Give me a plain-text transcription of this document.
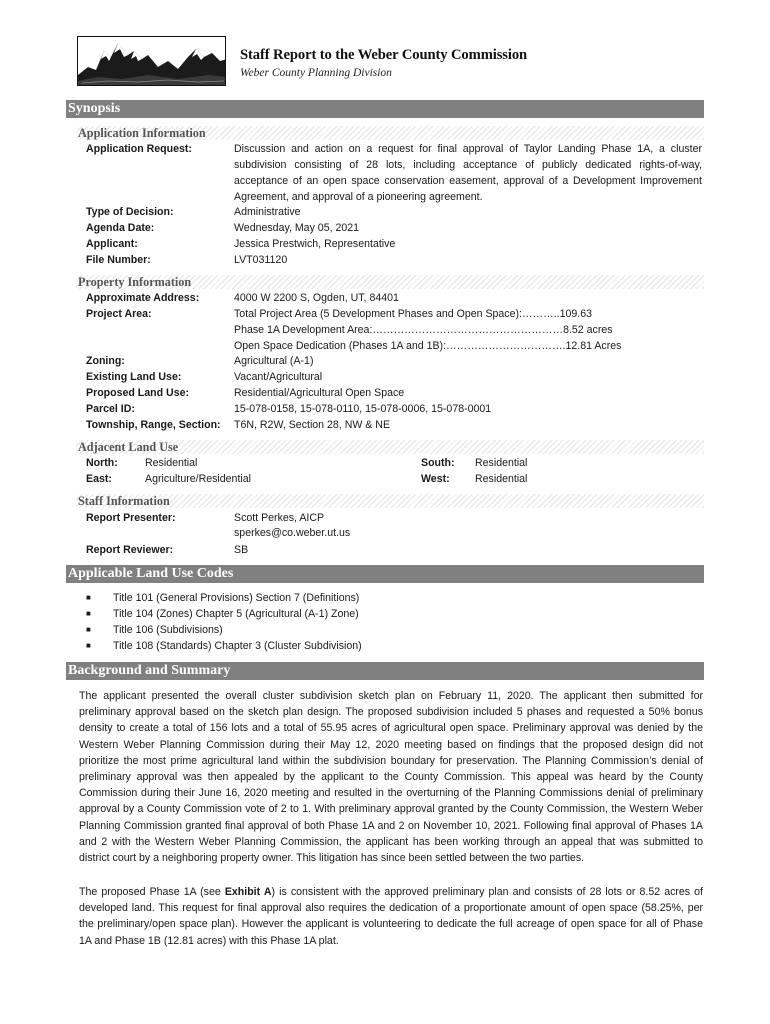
Staff Report to the Weber County Commission
Weber County Planning Division
Synopsis
Application Information
Application Request:	Discussion and action on a request for final approval of Taylor Landing Phase 1A, a cluster subdivision consisting of 28 lots, including acceptance of publicly dedicated rights-of-way, acceptance of an open space conservation easement, approval of a Development Improvement Agreement, and approval of a pioneering agreement.
Type of Decision:	Administrative
Agenda Date:	Wednesday, May 05, 2021
Applicant:	Jessica Prestwich, Representative
File Number:	LVT031120
Property Information
Approximate Address:	4000 W 2200 S, Ogden, UT, 84401
Project Area:	Total Project Area (5 Development Phases and Open Space):………..109.63
Phase 1A Development Area:………………………………………………8.52 acres
Open Space Dedication (Phases 1A and 1B):…………………………….12.81 Acres
Zoning:	Agricultural (A-1)
Existing Land Use:	Vacant/Agricultural
Proposed Land Use:	Residential/Agricultural Open Space
Parcel ID:	15-078-0158, 15-078-0110, 15-078-0006, 15-078-0001
Township, Range, Section: T6N, R2W, Section 28, NW & NE
Adjacent Land Use
North:	Residential	South: Residential
East:	Agriculture/Residential	West: Residential
Staff Information
Report Presenter:	Scott Perkes, AICP
sperkes@co.weber.ut.us
Report Reviewer:	SB
Applicable Land Use Codes
■	Title 101 (General Provisions) Section 7 (Definitions)
■	Title 104 (Zones) Chapter 5 (Agricultural (A-1) Zone)
■	Title 106 (Subdivisions)
■	Title 108 (Standards) Chapter 3 (Cluster Subdivision)
Background and Summary

The applicant presented the overall cluster subdivision sketch plan on February 11, 2020. The applicant then submitted for preliminary approval based on the sketch plan design. The proposed subdivision included 5 phases and requested a 50% bonus density to create a total of 156 lots and a total of 55.95 acres of agricultural open space. Preliminary approval was denied by the Western Weber Planning Commission during their May 12, 2020 meeting based on findings that the proposed design did not prioritize the most prime agricultural land within the subdivision boundary for preservation. The Planning Commission’s denial of preliminary approval was then appealed by the applicant to the County Commission. This appeal was heard by the County Commission during their June 16, 2020 meeting and resulted in the overturning of the Planning Commissions denial of preliminary approval by a County Commission vote of 2 to 1. With preliminary approval granted by the County Commission, the Western Weber Planning Commission granted final approval of both Phase 1A and 2 on November 10, 2021. Following final approval of Phases 1A and 2 with the Western Weber Planning Commission, the applicant has been working through an appeal that was submitted to district court by a neighboring property owner. This litigation has since been settled between the two parties.

The proposed Phase 1A (see Exhibit A) is consistent with the approved preliminary plan and consists of 28 lots or 8.52 acres of developed land. This request for final approval also requires the dedication of a proportionate amount of open space (58.25%, per the preliminary/open space plan). However the applicant is volunteering to dedicate the full acreage of open space for all of Phase 1A and Phase 1B (12.81 acres) with this Phase 1A plat.
